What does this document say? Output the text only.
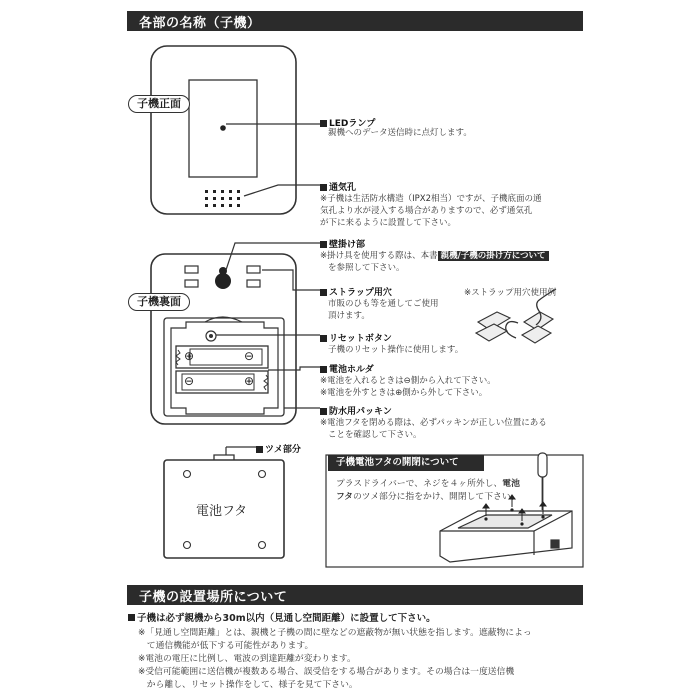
各部の名称（子機）
子機正面
子機裏面
⊕	⊖
⊖	⊕
LEDランプ
親機へのデータ送信時に点灯します。
通気孔
※子機は生活防水構造（IPX2相当）ですが、子機底面の通
気孔より水が浸入する場合がありますので、必ず通気孔
が下に来るように設置して下さい。
壁掛け部
※掛け具を使用する際は、本書 親機/子機の掛け方について
を参照して下さい。
ストラップ用穴
市販のひも等を通してご使用
頂けます。
※ストラップ用穴使用例
リセットボタン
子機のリセット操作に使用します。
電池ホルダ
※電池を入れるときは⊖側から入れて下さい。
※電池を外すときは⊕側から外して下さい。
防水用パッキン
※電池フタを閉める際は、必ずパッキンが正しい位置にある
ことを確認して下さい。
ツメ部分
電池フタ
子機電池フタの開閉について
プラスドライバーで、ネジを４ヶ所外し、電池
フタのツメ部分に指をかけ、開閉して下さい。
子機の設置場所について
子機は必ず親機から30m以内（見通し空間距離）に設置して下さい。
※「見通し空間距離」とは、親機と子機の間に壁などの遮蔽物が無い状態を指します。遮蔽物によっ
　て通信機能が低下する可能性があります。
※電池の電圧に比例し、電波の到達距離が変わります。
※受信可能範囲に送信機が複数ある場合、誤受信をする場合があります。その場合は一度送信機
　から離し、リセット操作をして、様子を見て下さい。
